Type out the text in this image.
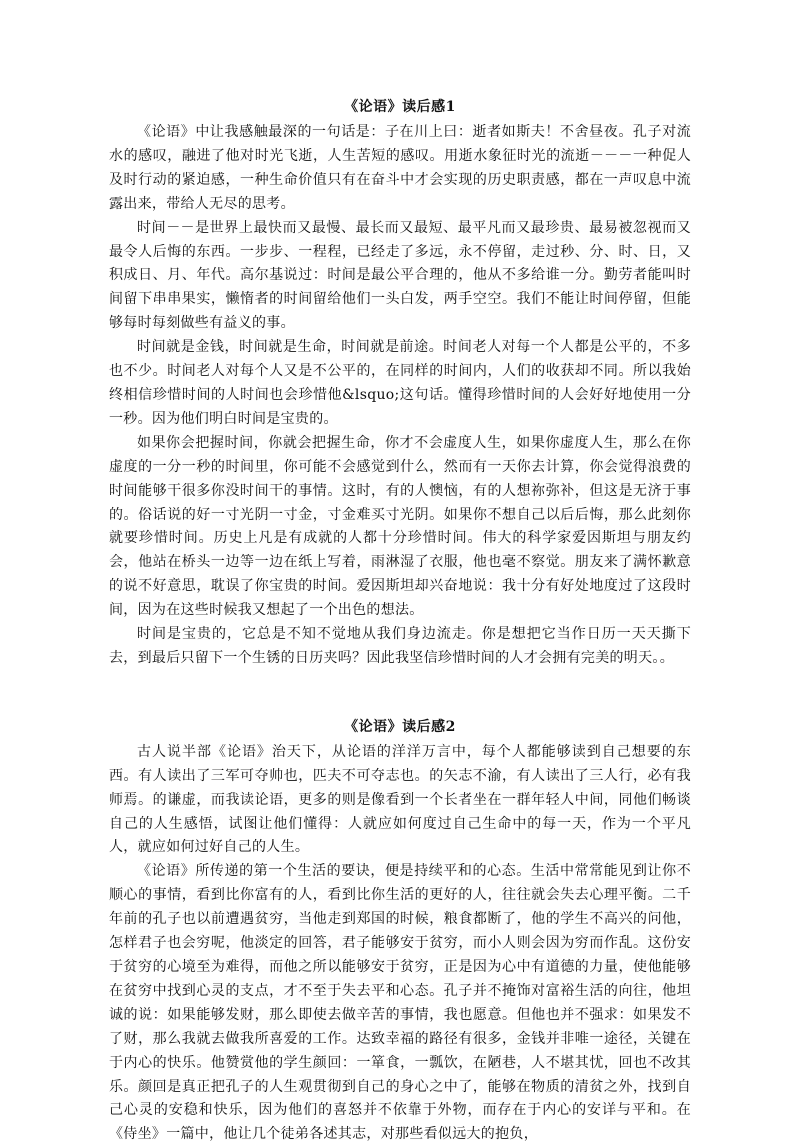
《论语》读后感1

《论语》中让我感触最深的一句话是：子在川上曰：逝者如斯夫！不舍昼夜。孔子对流水的感叹，融进了他对时光飞逝，人生苦短的感叹。用逝水象征时光的流逝－－－一种促人及时行动的紧迫感，一种生命价值只有在奋斗中才会实现的历史职责感，都在一声叹息中流露出来，带给人无尽的思考。

时间－－是世界上最快而又最慢、最长而又最短、最平凡而又最珍贵、最易被忽视而又最令人后悔的东西。一步步、一程程，已经走了多远，永不停留，走过秒、分、时、日，又积成日、月、年代。高尔基说过：时间是最公平合理的，他从不多给谁一分。勤劳者能叫时间留下串串果实，懒惰者的时间留给他们一头白发，两手空空。我们不能让时间停留，但能够每时每刻做些有益义的事。

时间就是金钱，时间就是生命，时间就是前途。时间老人对每一个人都是公平的，不多也不少。时间老人对每个人又是不公平的，在同样的时间内，人们的收获却不同。所以我始终相信珍惜时间的人时间也会珍惜他&lsquo;这句话。懂得珍惜时间的人会好好地使用一分一秒。因为他们明白时间是宝贵的。

如果你会把握时间，你就会把握生命，你才不会虚度人生，如果你虚度人生，那么在你虚度的一分一秒的时间里，你可能不会感觉到什么，然而有一天你去计算，你会觉得浪费的时间能够干很多你没时间干的事情。这时，有的人懊恼，有的人想祢弥补，但这是无济于事的。俗话说的好一寸光阴一寸金，寸金难买寸光阴。如果你不想自己以后后悔，那么此刻你就要珍惜时间。历史上凡是有成就的人都十分珍惜时间。伟大的科学家爱因斯坦与朋友约会，他站在桥头一边等一边在纸上写着，雨淋湿了衣服，他也毫不察觉。朋友来了满怀歉意的说不好意思，耽误了你宝贵的时间。爱因斯坦却兴奋地说：我十分有好处地度过了这段时间，因为在这些时候我又想起了一个出色的想法。

时间是宝贵的，它总是不知不觉地从我们身边流走。你是想把它当作日历一天天撕下去，到最后只留下一个生锈的日历夹吗？因此我坚信珍惜时间的人才会拥有完美的明天。。

《论语》读后感2

古人说半部《论语》治天下，从论语的洋洋万言中，每个人都能够读到自己想要的东西。有人读出了三军可夺帅也，匹夫不可夺志也。的矢志不渝，有人读出了三人行，必有我师焉。的谦虚，而我读论语，更多的则是像看到一个长者坐在一群年轻人中间，同他们畅谈自己的人生感悟，试图让他们懂得：人就应如何度过自己生命中的每一天，作为一个平凡人，就应如何过好自己的人生。

《论语》所传递的第一个生活的要诀，便是持续平和的心态。生活中常常能见到让你不顺心的事情，看到比你富有的人，看到比你生活的更好的人，往往就会失去心理平衡。二千年前的孔子也以前遭遇贫穷，当他走到郑国的时候，粮食都断了，他的学生不高兴的问他，怎样君子也会穷呢，他淡定的回答，君子能够安于贫穷，而小人则会因为穷而作乱。这份安于贫穷的心境至为难得，而他之所以能够安于贫穷，正是因为心中有道德的力量，使他能够在贫穷中找到心灵的支点，才不至于失去平和心态。孔子并不掩饰对富裕生活的向往，他坦诚的说：如果能够发财，那么即使去做辛苦的事情，我也愿意。但他也并不强求：如果发不了财，那么我就去做我所喜爱的工作。达致幸福的路径有很多，金钱并非唯一途径，关键在于内心的快乐。他赞赏他的学生颜回：一箪食，一瓢饮，在陋巷，人不堪其忧，回也不改其乐。颜回是真正把孔子的人生观贯彻到自己的身心之中了，能够在物质的清贫之外，找到自己心灵的安稳和快乐，因为他们的喜怒并不依靠于外物，而存在于内心的安详与平和。在《侍坐》一篇中，他让几个徒弟各述其志，对那些看似远大的抱负，
